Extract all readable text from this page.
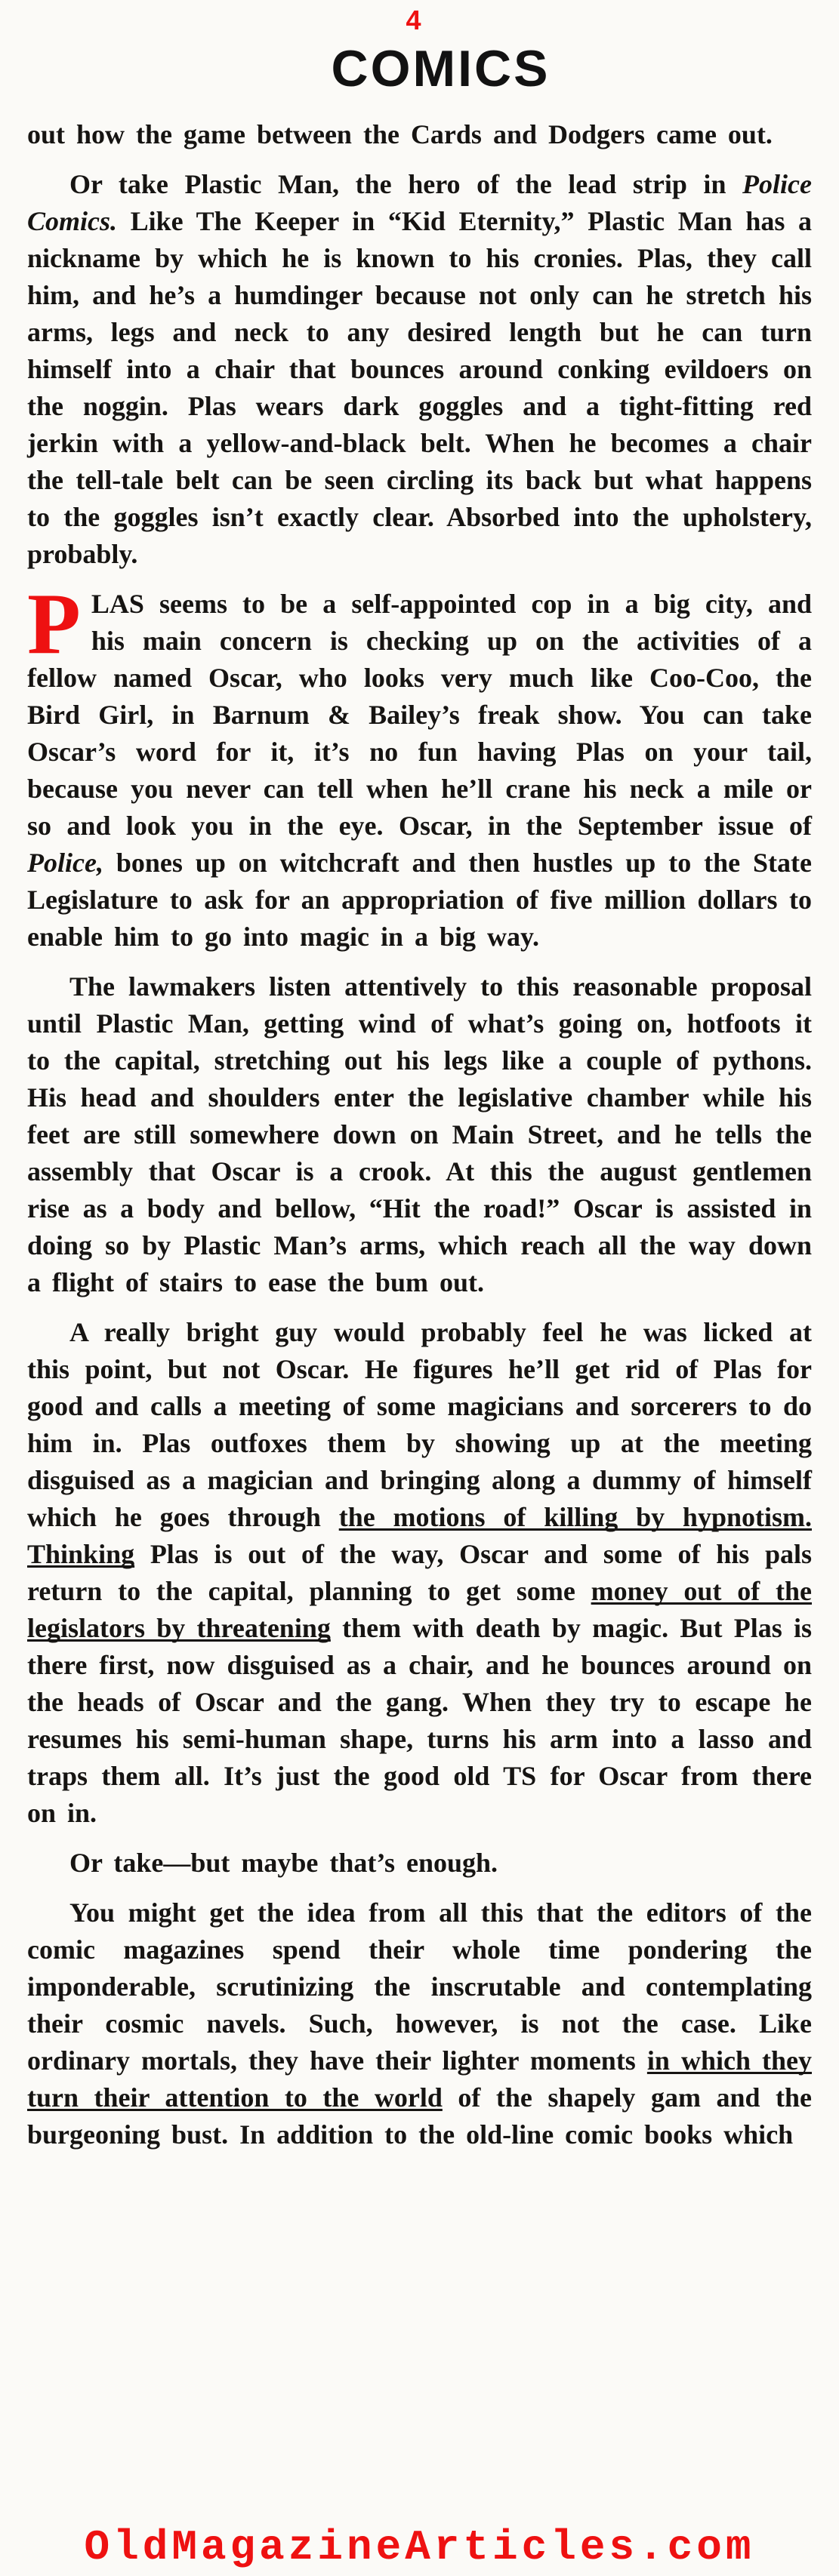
4
COMICS

out how the game between the Cards and Dodgers came out.

Or take Plastic Man, the hero of the lead strip in Police Comics. Like The Keeper in “Kid Eternity,” Plastic Man has a nickname by which he is known to his cronies. Plas, they call him, and he’s a humdinger because not only can he stretch his arms, legs and neck to any desired length but he can turn himself into a chair that bounces around conking evildoers on the noggin. Plas wears dark goggles and a tight-fitting red jerkin with a yellow-and-black belt. When he becomes a chair the tell-tale belt can be seen circling its back but what happens to the goggles isn’t exactly clear. Absorbed into the upholstery, probably.

PLAS seems to be a self-appointed cop in a big city, and his main concern is checking up on the activities of a fellow named Oscar, who looks very much like Coo-Coo, the Bird Girl, in Barnum & Bailey’s freak show. You can take Oscar’s word for it, it’s no fun having Plas on your tail, because you never can tell when he’ll crane his neck a mile or so and look you in the eye. Oscar, in the September issue of Police, bones up on witchcraft and then hustles up to the State Legislature to ask for an appropriation of five million dollars to enable him to go into magic in a big way.

The lawmakers listen attentively to this reasonable proposal until Plastic Man, getting wind of what’s going on, hotfoots it to the capital, stretching out his legs like a couple of pythons. His head and shoulders enter the legislative chamber while his feet are still somewhere down on Main Street, and he tells the assembly that Oscar is a crook. At this the august gentlemen rise as a body and bellow, “Hit the road!” Oscar is assisted in doing so by Plastic Man’s arms, which reach all the way down a flight of stairs to ease the bum out.

A really bright guy would probably feel he was licked at this point, but not Oscar. He figures he’ll get rid of Plas for good and calls a meeting of some magicians and sorcerers to do him in. Plas outfoxes them by showing up at the meeting disguised as a magician and bringing along a dummy of himself which he goes through the motions of killing by hypnotism. Thinking Plas is out of the way, Oscar and some of his pals return to the capital, planning to get some money out of the legislators by threatening them with death by magic. But Plas is there first, now disguised as a chair, and he bounces around on the heads of Oscar and the gang. When they try to escape he resumes his semi-human shape, turns his arm into a lasso and traps them all. It’s just the good old TS for Oscar from there on in.

Or take—but maybe that’s enough.

You might get the idea from all this that the editors of the comic magazines spend their whole time pondering the imponderable, scrutinizing the inscrutable and contemplating their cosmic navels. Such, however, is not the case. Like ordinary mortals, they have their lighter moments in which they turn their attention to the world of the shapely gam and the burgeoning bust. In addition to the old-line comic books which

OldMagazineArticles.com
